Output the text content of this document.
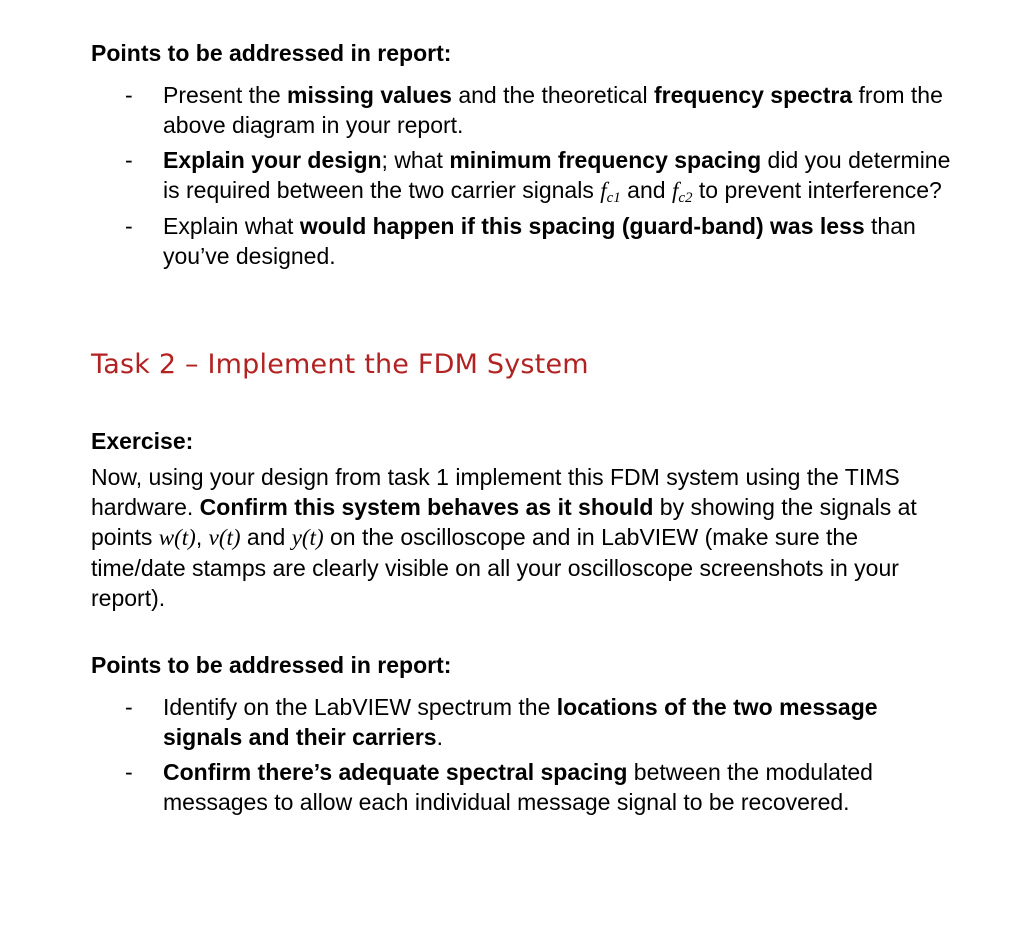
Points to be addressed in report:
- Present the missing values and the theoretical frequency spectra from the above diagram in your report.
- Explain your design; what minimum frequency spacing did you determine is required between the two carrier signals $f_{c1}$ and $f_{c2}$ to prevent interference?
- Explain what would happen if this spacing (guard-band) was less than you’ve designed.
Task 2 – Implement the FDM System
Exercise:

Now, using your design from task 1 implement this FDM system using the TIMS hardware. Confirm this system behaves as it should by showing the signals at points w(t), v(t) and y(t) on the oscilloscope and in LabVIEW (make sure the time/date stamps are clearly visible on all your oscilloscope screenshots in your report).

Points to be addressed in report:
- Identify on the LabVIEW spectrum the locations of the two message signals and their carriers.
- Confirm there’s adequate spectral spacing between the modulated messages to allow each individual message signal to be recovered.
